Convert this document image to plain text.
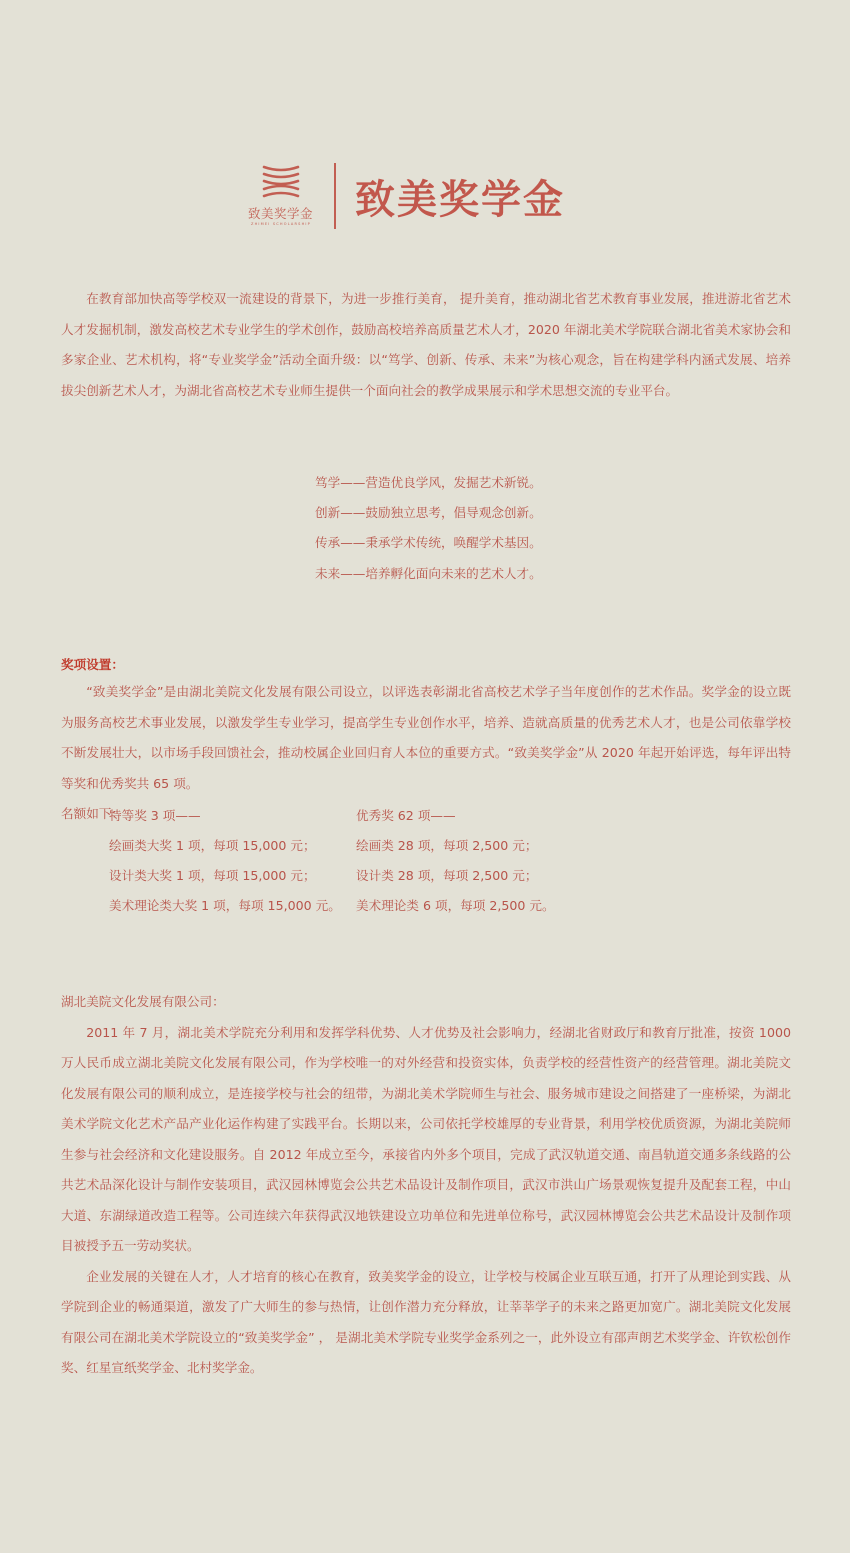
致美奖学金
ZHIMEI SCHOLARSHIP
致美奖学金

在教育部加快高等学校双一流建设的背景下，为进一步推行美育， 提升美育，推动湖北省艺术教育事业发展，推进游北省艺术人才发掘机制，激发高校艺术专业学生的学术创作，鼓励高校培养高质量艺术人才，2020 年湖北美术学院联合湖北省美术家协会和多家企业、艺术机构，将“专业奖学金”活动全面升级：以“笃学、创新、传承、未来”为核心观念，旨在构建学科内涵式发展、培养拔尖创新艺术人才，为湖北省高校艺术专业师生提供一个面向社会的教学成果展示和学术思想交流的专业平台。

笃学——营造优良学风，发掘艺术新锐。
创新——鼓励独立思考，倡导观念创新。
传承——秉承学术传统，唤醒学术基因。
未来——培养孵化面向未来的艺术人才。
奖项设置：

“致美奖学金”是由湖北美院文化发展有限公司设立，以评选表彰湖北省高校艺术学子当年度创作的艺术作品。奖学金的设立既为服务高校艺术事业发展，以激发学生专业学习，提高学生专业创作水平，培养、造就高质量的优秀艺术人才，也是公司依靠学校不断发展壮大，以市场手段回馈社会，推动校属企业回归育人本位的重要方式。“致美奖学金”从 2020 年起开始评选，每年评出特等奖和优秀奖共 65 项。

名额如下：

特等奖 3 项——
绘画类大奖 1 项，每项 15,000 元；
设计类大奖 1 项，每项 15,000 元；
美术理论类大奖 1 项，每项 15,000 元。
优秀奖 62 项——
绘画类 28 项，每项 2,500 元；
设计类 28 项，每项 2,500 元；
美术理论类 6 项，每项 2,500 元。

湖北美院文化发展有限公司：

2011 年 7 月，湖北美术学院充分利用和发挥学科优势、人才优势及社会影响力，经湖北省财政厅和教育厅批准，按资 1000 万人民币成立湖北美院文化发展有限公司，作为学校唯一的对外经营和投资实体，负责学校的经营性资产的经营管理。湖北美院文化发展有限公司的顺利成立，是连接学校与社会的纽带，为湖北美术学院师生与社会、服务城市建设之间搭建了一座桥梁，为湖北美术学院文化艺术产品产业化运作构建了实践平台。长期以来，公司依托学校雄厚的专业背景，利用学校优质资源，为湖北美院师生参与社会经济和文化建设服务。自 2012 年成立至今，承接省内外多个项目，完成了武汉轨道交通、南昌轨道交通多条线路的公共艺术品深化设计与制作安装项目，武汉园林博览会公共艺术品设计及制作项目，武汉市洪山广场景观恢复提升及配套工程，中山大道、东湖绿道改造工程等。公司连续六年获得武汉地铁建设立功单位和先进单位称号，武汉园林博览会公共艺术品设计及制作项目被授予五一劳动奖状。

企业发展的关键在人才，人才培育的核心在教育，致美奖学金的设立，让学校与校属企业互联互通，打开了从理论到实践、从学院到企业的畅通渠道，激发了广大师生的参与热情，让创作潜力充分释放，让莘莘学子的未来之路更加宽广。湖北美院文化发展有限公司在湖北美术学院设立的“致美奖学金” ， 是湖北美术学院专业奖学金系列之一，此外设立有邵声朗艺术奖学金、许钦松创作奖、红星宣纸奖学金、北村奖学金。
